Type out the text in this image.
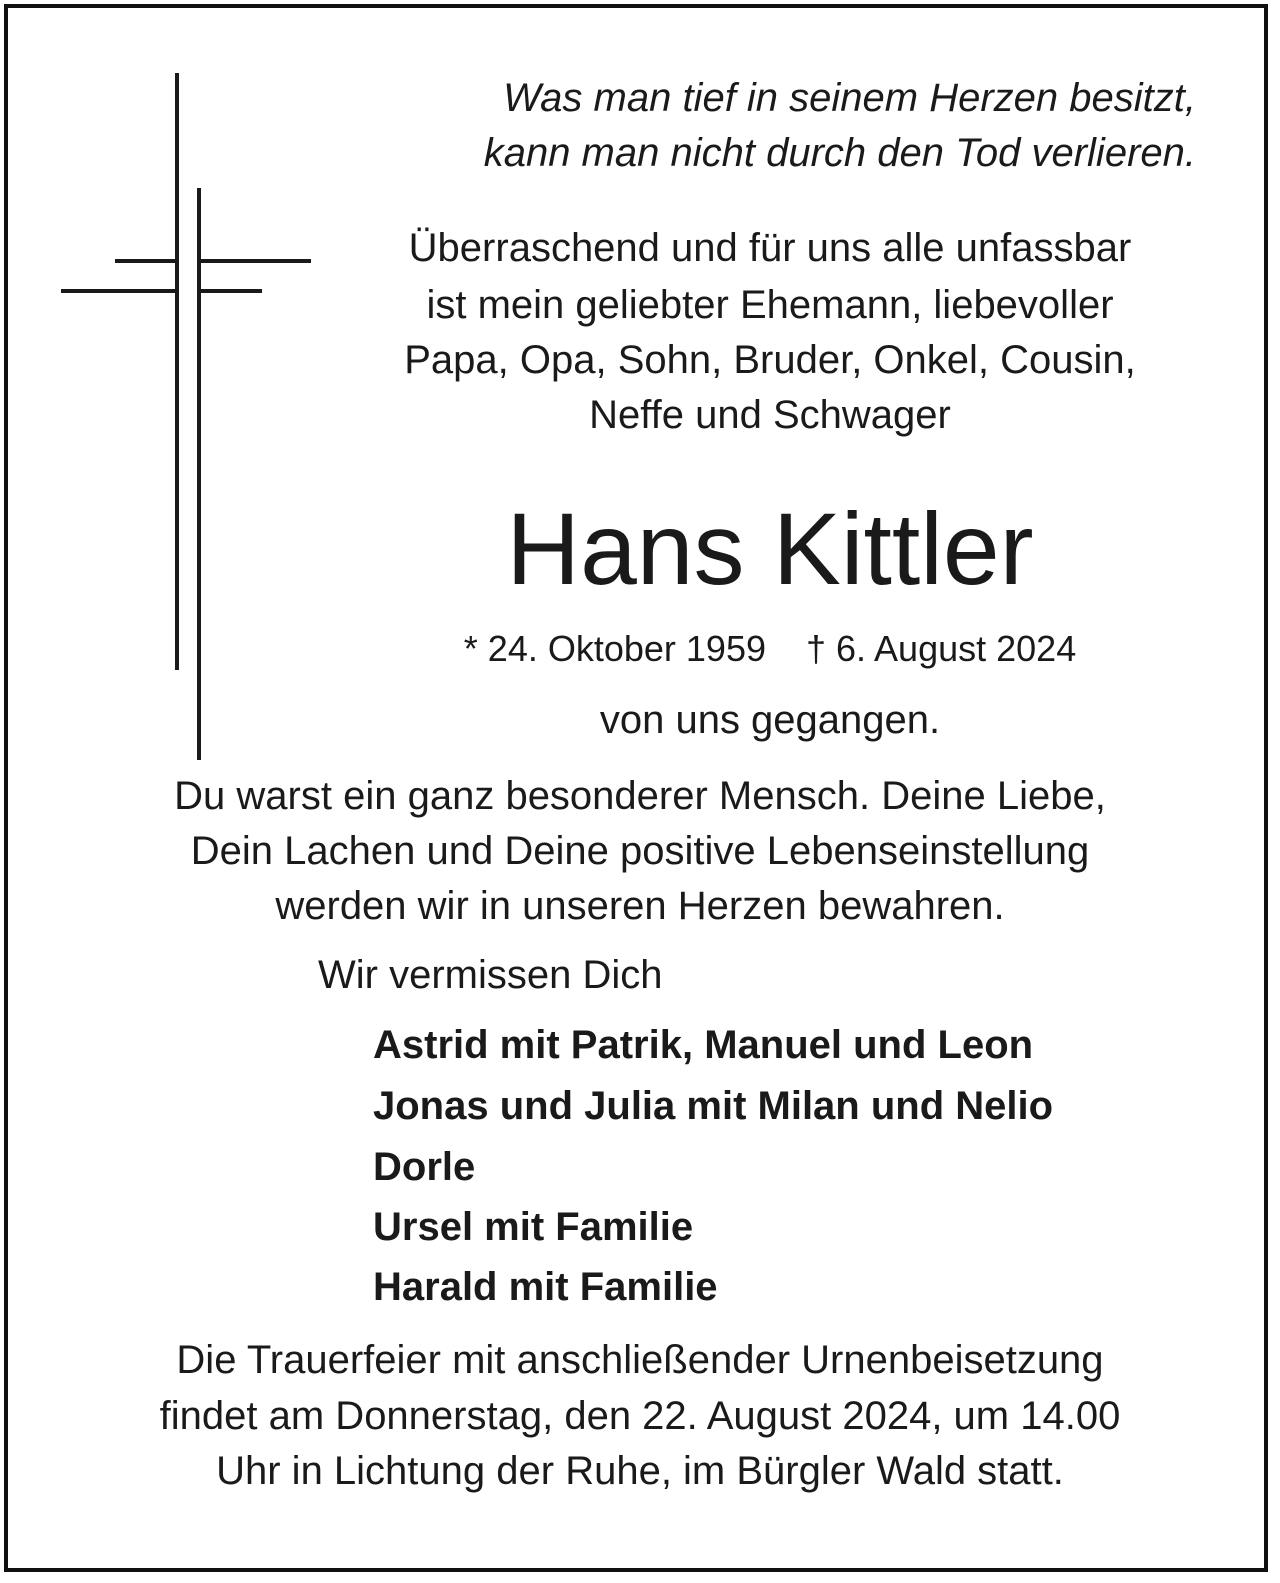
Was man tief in seinem Herzen besitzt,
kann man nicht durch den Tod verlieren.
Überraschend und für uns alle unfassbar
ist mein geliebter Ehemann, liebevoller
Papa, Opa, Sohn, Bruder, Onkel, Cousin,
Neffe und Schwager
Hans Kittler
* 24. Oktober 1959 † 6. August 2024
von uns gegangen.
Du warst ein ganz besonderer Mensch. Deine Liebe,
Dein Lachen und Deine positive Lebenseinstellung
werden wir in unseren Herzen bewahren.
Wir vermissen Dich
Astrid mit Patrik, Manuel und Leon
Jonas und Julia mit Milan und Nelio
Dorle
Ursel mit Familie
Harald mit Familie
Die Trauerfeier mit anschließender Urnenbeisetzung
findet am Donnerstag, den 22. August 2024, um 14.00
Uhr in Lichtung der Ruhe, im Bürgler Wald statt.
